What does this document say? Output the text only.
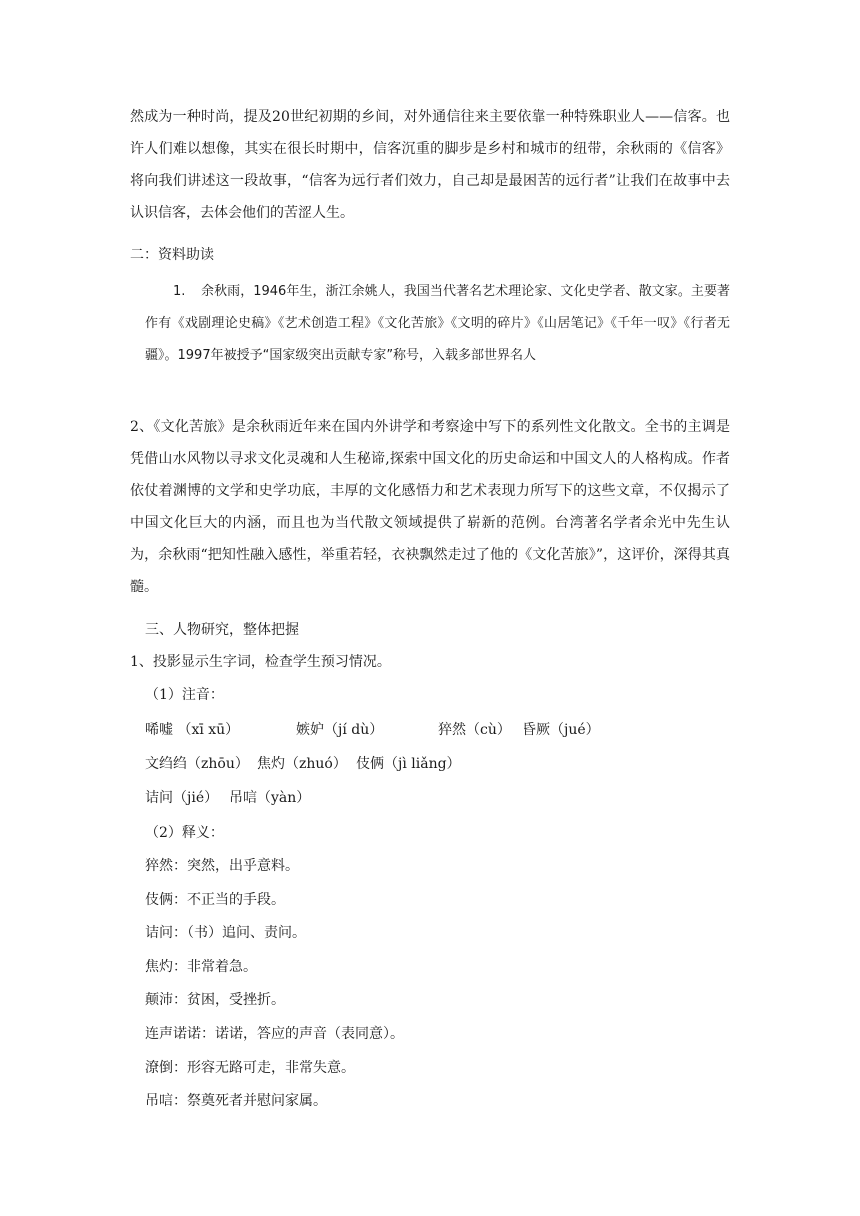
然成为一种时尚，提及20世纪初期的乡间，对外通信往来主要依靠一种特殊职业人——信客。也许人们难以想像，其实在很长时期中，信客沉重的脚步是乡村和城市的纽带，余秋雨的《信客》将向我们讲述这一段故事，“信客为远行者们效力，自己却是最困苦的远行者”让我们在故事中去认识信客，去体会他们的苦涩人生。

二：资料助读

1. 余秋雨，1946年生，浙江余姚人，我国当代著名艺术理论家、文化史学者、散文家。主要著作有《戏剧理论史稿》《艺术创造工程》《文化苦旅》《文明的碎片》《山居笔记》《千年一叹》《行者无疆》。1997年被授予“国家级突出贡献专家”称号，入载多部世界名人

2、《文化苦旅》是余秋雨近年来在国内外讲学和考察途中写下的系列性文化散文。全书的主调是凭借山水风物以寻求文化灵魂和人生秘谛,探索中国文化的历史命运和中国文人的人格构成。作者依仗着渊博的文学和史学功底，丰厚的文化感悟力和艺术表现力所写下的这些文章，不仅揭示了中国文化巨大的内涵，而且也为当代散文领域提供了崭新的范例。台湾著名学者余光中先生认为，余秋雨“把知性融入感性，举重若轻，衣袂飘然走过了他的《文化苦旅》”，这评价，深得其真髓。

三、人物研究，整体把握

1、投影显示生字词，检查学生预习情况。

（1）注音：

唏嘘 （xī xū）	嫉妒（jí dù）	猝然（cù） 昏厥（jué）

文绉绉（zhōu） 焦灼（zhuó） 伎俩（jì liǎng）

诘问（jié） 吊唁（yàn）

（2）释义：

猝然：突然，出乎意料。

伎俩：不正当的手段。

诘问：（书）追问、责问。

焦灼：非常着急。

颠沛：贫困，受挫折。

连声诺诺：诺诺，答应的声音（表同意）。

潦倒：形容无路可走，非常失意。

吊唁：祭奠死者并慰问家属。
